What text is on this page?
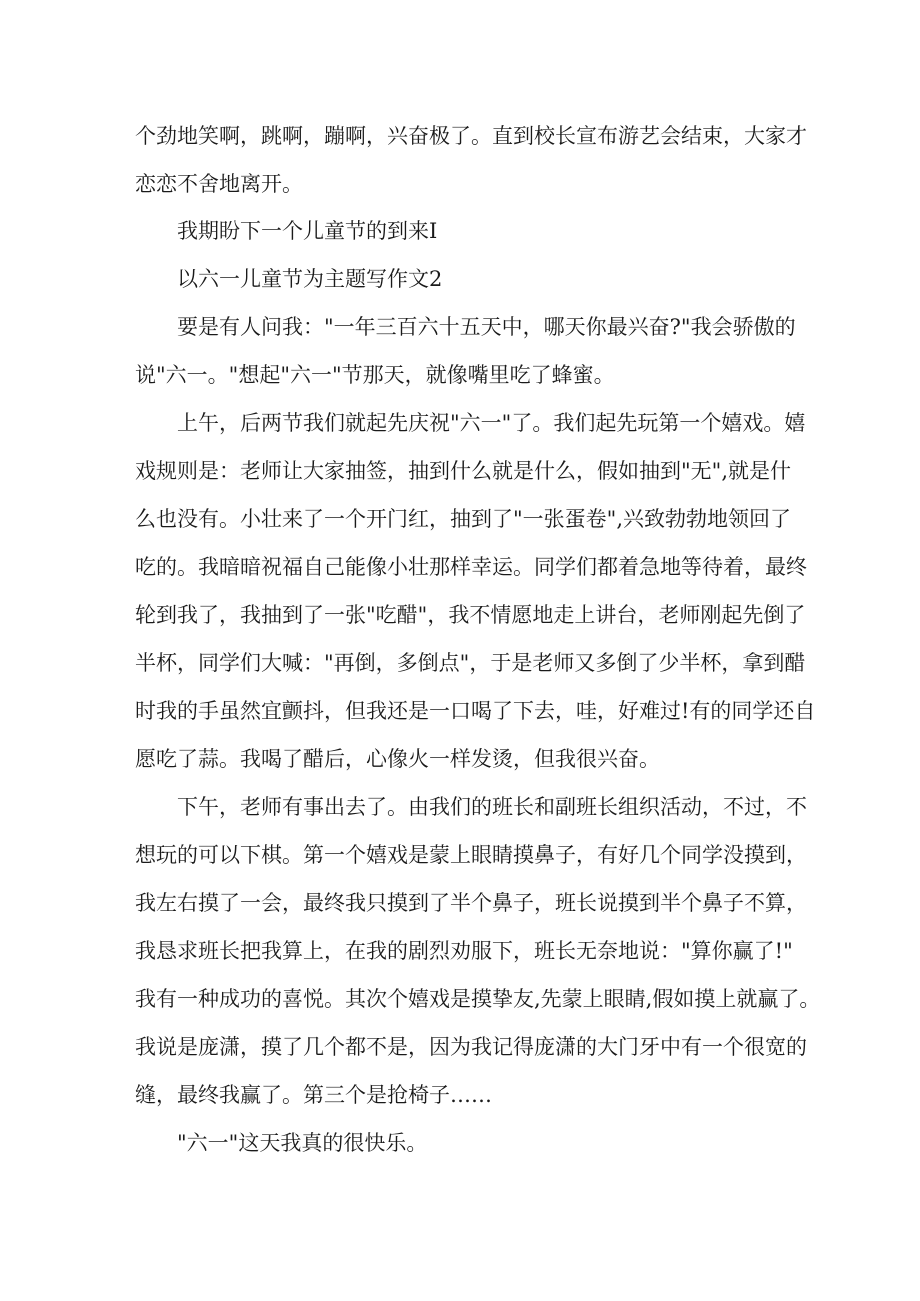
个劲地笑啊，跳啊，蹦啊，兴奋极了。直到校长宣布游艺会结束，大家才
恋恋不舍地离开。
我期盼下一个儿童节的到来I
以六一儿童节为主题写作文2
要是有人问我："一年三百六十五天中，哪天你最兴奋?"我会骄傲的
说"六一。"想起"六一"节那天，就像嘴里吃了蜂蜜。
上午，后两节我们就起先庆祝"六一"了。我们起先玩第一个嬉戏。嬉
戏规则是：老师让大家抽签，抽到什么就是什么，假如抽到"无",就是什
么也没有。小壮来了一个开门红，抽到了"一张蛋卷",兴致勃勃地领回了
吃的。我暗暗祝福自己能像小壮那样幸运。同学们都着急地等待着，最终
轮到我了，我抽到了一张"吃醋"，我不情愿地走上讲台，老师刚起先倒了
半杯，同学们大喊："再倒，多倒点"，于是老师又多倒了少半杯，拿到醋
时我的手虽然宜颤抖，但我还是一口喝了下去，哇，好难过!有的同学还自
愿吃了蒜。我喝了醋后，心像火一样发烫，但我很兴奋。
下午，老师有事出去了。由我们的班长和副班长组织活动，不过，不
想玩的可以下棋。第一个嬉戏是蒙上眼睛摸鼻子，有好几个同学没摸到，
我左右摸了一会，最终我只摸到了半个鼻子，班长说摸到半个鼻子不算，
我恳求班长把我算上，在我的剧烈劝服下，班长无奈地说："算你赢了!"
我有一种成功的喜悦。其次个嬉戏是摸挚友,先蒙上眼睛,假如摸上就赢了。
我说是庞潇，摸了几个都不是，因为我记得庞潇的大门牙中有一个很宽的
缝，最终我赢了。第三个是抢椅子……
"六一"这天我真的很快乐。
